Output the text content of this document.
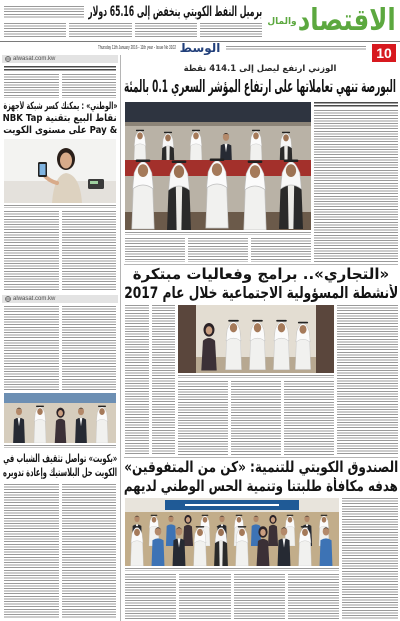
برميل النفط الكويتي ينخفض إلى 65.16 دولار
والمال الاقتصاد
Thursday 11th January 2016 - 11th year - Issue No 3102 الوسط	10
alwasat.com.kw
«الوطني» : يمكنك كسر شبكة لأجهزة
نقاط البيع بتقنية NBK Tap
& Pay على مستوى الكويت
alwasat.com.kw
«بكويت» تواصل تثقيف الشباب في
الكويت حل البلاستيك وإعادة تدويره
الوزني ارتفع ليصل إلى 414.1 نقطة
البورصة تنهي تعاملاتها على ارتفاع المؤشر السعري 0.1 بالمئة
«التجاري».. برامج وفعاليات مبتكرة
لأنشطة المسؤولية الاجتماعية خلال عام 2017
الصندوق الكويتي للتنمية: «كن من المتفوقين»
هدفه مكافأة طلبتنا وتنمية الحس الوطني لديهم
